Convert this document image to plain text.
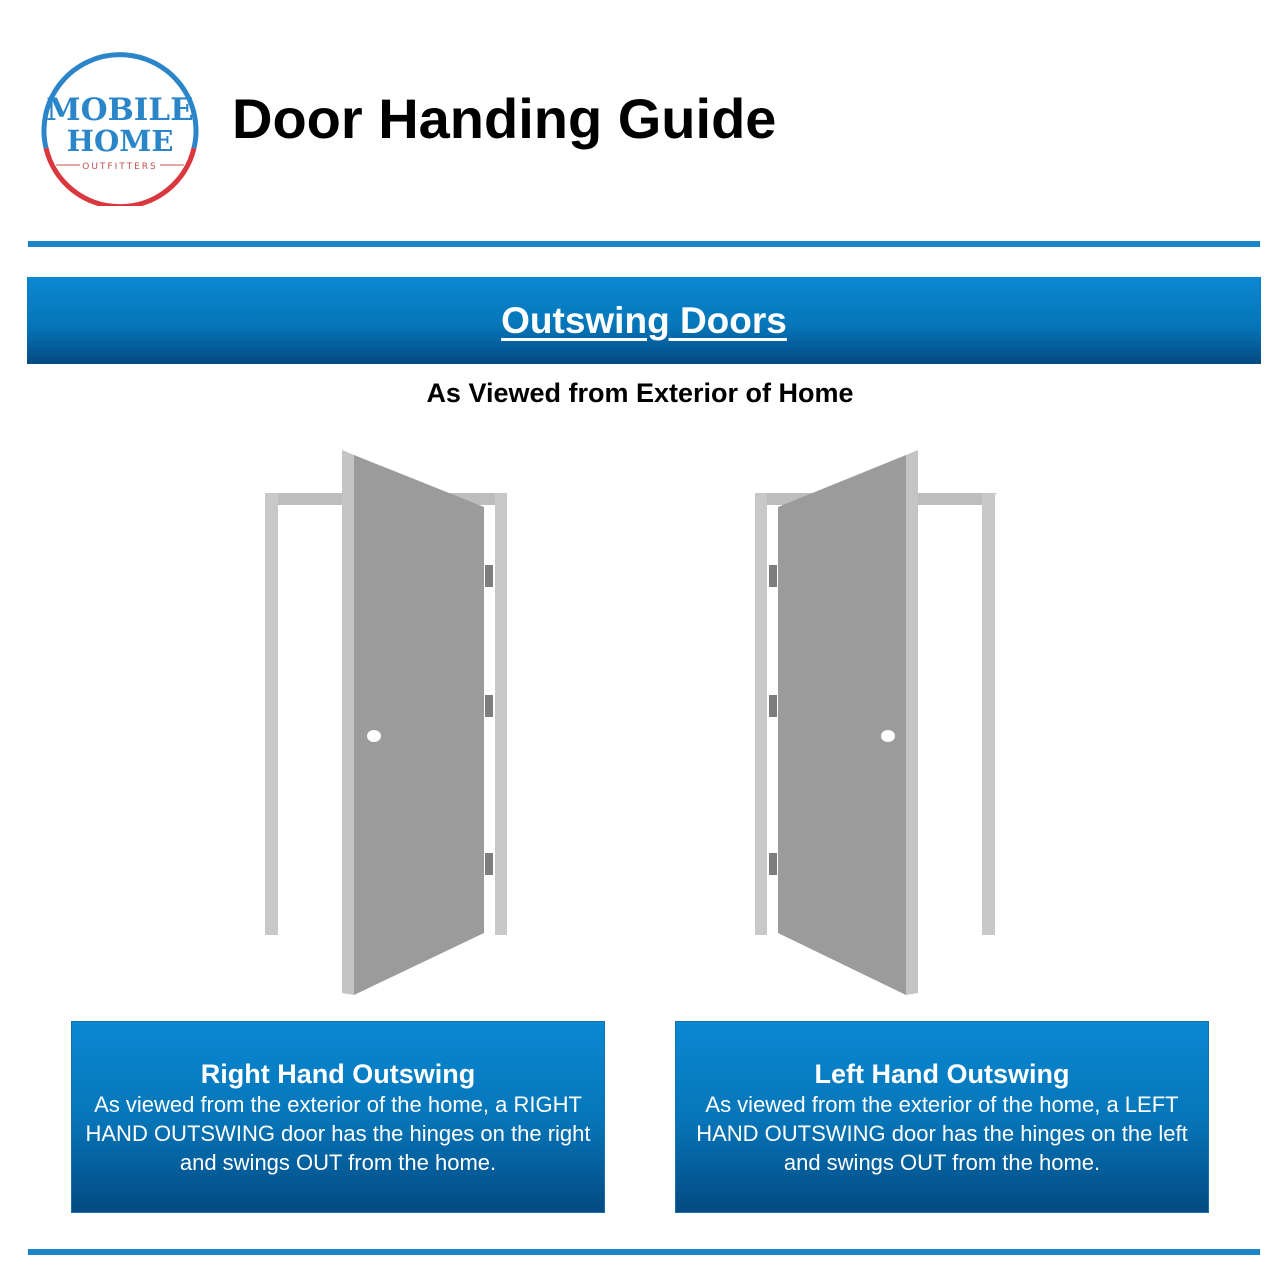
MOBILE
HOME
OUTFITTERS
Door Handing Guide
Outswing Doors
As Viewed from Exterior of Home
Right Hand Outswing
As viewed from the exterior of the home, a RIGHT HAND OUTSWING door has the hinges on the right and swings OUT from the home.
Left Hand Outswing
As viewed from the exterior of the home, a LEFT HAND OUTSWING door has the hinges on the left and swings OUT from the home.
